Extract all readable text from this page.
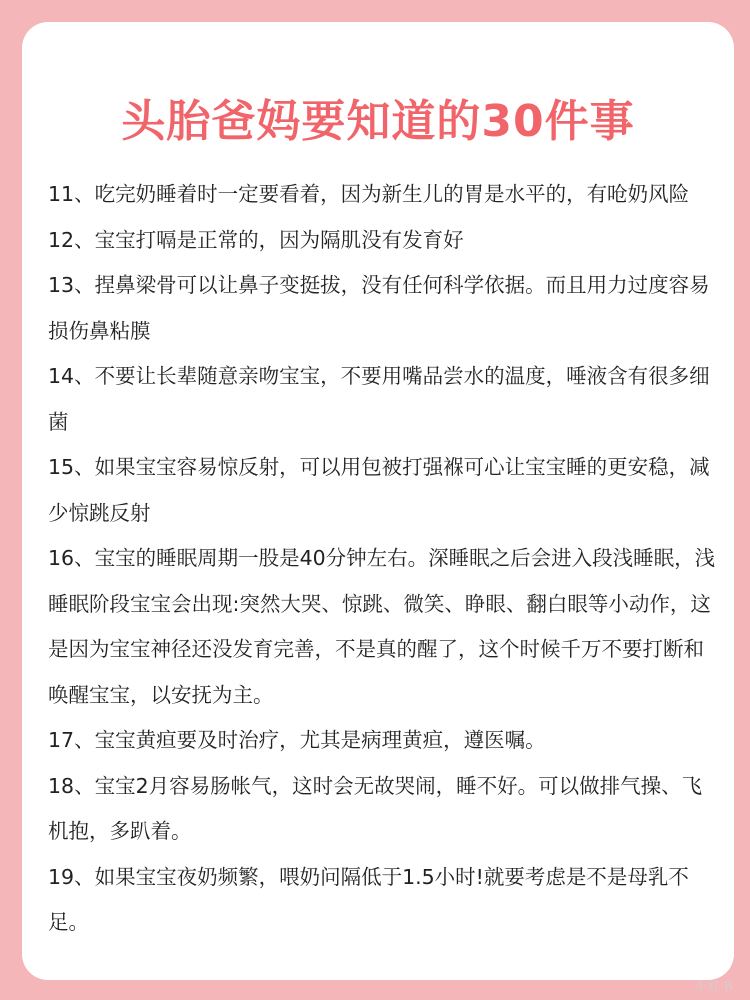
头胎爸妈要知道的30件事

11、吃完奶睡着时一定要看着，因为新生儿的胃是水平的，有呛奶风险

12、宝宝打嗝是正常的，因为隔肌没有发育好

13、捏鼻梁骨可以让鼻子变挺拔，没有任何科学依据。而且用力过度容易损伤鼻粘膜

14、不要让长辈随意亲吻宝宝，不要用嘴品尝水的温度，唾液含有很多细菌

15、如果宝宝容易惊反射，可以用包被打强褓可心让宝宝睡的更安稳，减少惊跳反射

16、宝宝的睡眠周期一股是40分钟左右。深睡眠之后会进入段浅睡眠，浅睡眠阶段宝宝会出现:突然大哭、惊跳、微笑、睁眼、翻白眼等小动作，这是因为宝宝神径还没发育完善，不是真的醒了，这个时候千万不要打断和唤醒宝宝，以安抚为主。

17、宝宝黄疸要及时治疗，尤其是病理黄疸，遵医嘱。

18、宝宝2月容易肠帐气，这时会无故哭闹，睡不好。可以做排气操、飞机抱，多趴着。

19、如果宝宝夜奶频繁，喂奶问隔低于1.5小时!就要考虑是不是母乳不足。

小红书
